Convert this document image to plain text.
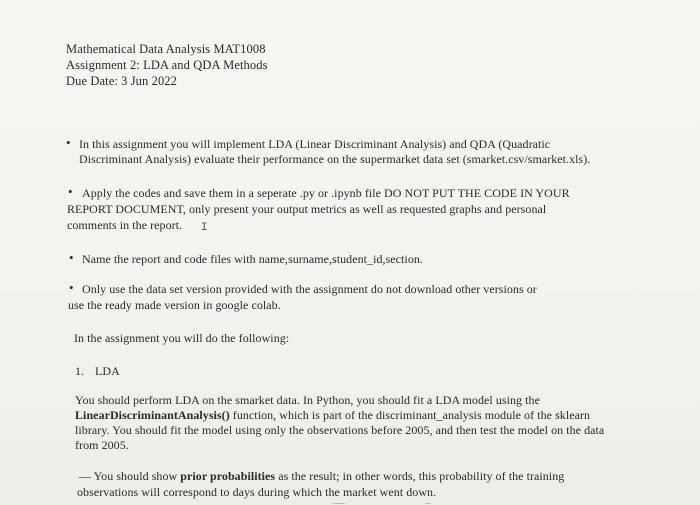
Mathematical Data Analysis MAT1008
Assignment 2: LDA and QDA Methods
Due Date: 3 Jun 2022
• In this assignment you will implement LDA (Linear Discriminant Analysis) and QDA (Quadratic
Discriminant Analysis) evaluate their performance on the supermarket data set (smarket.csv/smarket.xls).
• Apply the codes and save them in a seperate .py or .ipynb file DO NOT PUT THE CODE IN YOUR
REPORT DOCUMENT, only present your output metrics as well as requested graphs and personal
comments in the report. I
• Name the report and code files with name,surname,student_id,section.
• Only use the data set version provided with the assignment do not download other versions or
use the ready made version in google colab.
In the assignment you will do the following:
1. LDA
You should perform LDA on the smarket data. In Python, you should fit a LDA model using the
LinearDiscriminantAnalysis() function, which is part of the discriminant_analysis module of the sklearn
library. You should fit the model using only the observations before 2005, and then test the model on the data
from 2005.
— You should show prior probabilities as the result; in other words, this probability of the training
observations will correspond to days during which the market went down.
